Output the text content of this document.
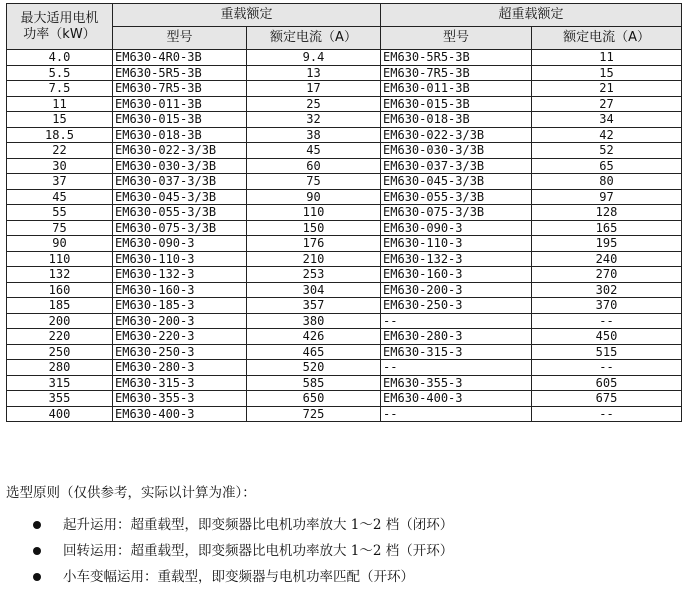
最大适用电机
功率（kW）	重载额定		超重载额定	
	型号	额定电流（A）	型号	额定电流（A）
4.0	EM630-4R0-3B	9.4	EM630-5R5-3B	11
5.5	EM630-5R5-3B	13	EM630-7R5-3B	15
7.5	EM630-7R5-3B	17	EM630-011-3B	21
11	EM630-011-3B	25	EM630-015-3B	27
15	EM630-015-3B	32	EM630-018-3B	34
18.5	EM630-018-3B	38	EM630-022-3/3B	42
22	EM630-022-3/3B	45	EM630-030-3/3B	52
30	EM630-030-3/3B	60	EM630-037-3/3B	65
37	EM630-037-3/3B	75	EM630-045-3/3B	80
45	EM630-045-3/3B	90	EM630-055-3/3B	97
55	EM630-055-3/3B	110	EM630-075-3/3B	128
75	EM630-075-3/3B	150	EM630-090-3	165
90	EM630-090-3	176	EM630-110-3	195
110	EM630-110-3	210	EM630-132-3	240
132	EM630-132-3	253	EM630-160-3	270
160	EM630-160-3	304	EM630-200-3	302
185	EM630-185-3	357	EM630-250-3	370
200	EM630-200-3	380	--	--
220	EM630-220-3	426	EM630-280-3	450
250	EM630-250-3	465	EM630-315-3	515
280	EM630-280-3	520	--	--
315	EM630-315-3	585	EM630-355-3	605
355	EM630-355-3	650	EM630-400-3	675
400	EM630-400-3	725	--	--

选型原则（仅供参考，实际以计算为准）：

起升运用：超重载型，即变频器比电机功率放大 1～2 档（闭环）
回转运用：超重载型，即变频器比电机功率放大 1～2 档（开环）
小车变幅运用：重载型，即变频器与电机功率匹配（开环）
